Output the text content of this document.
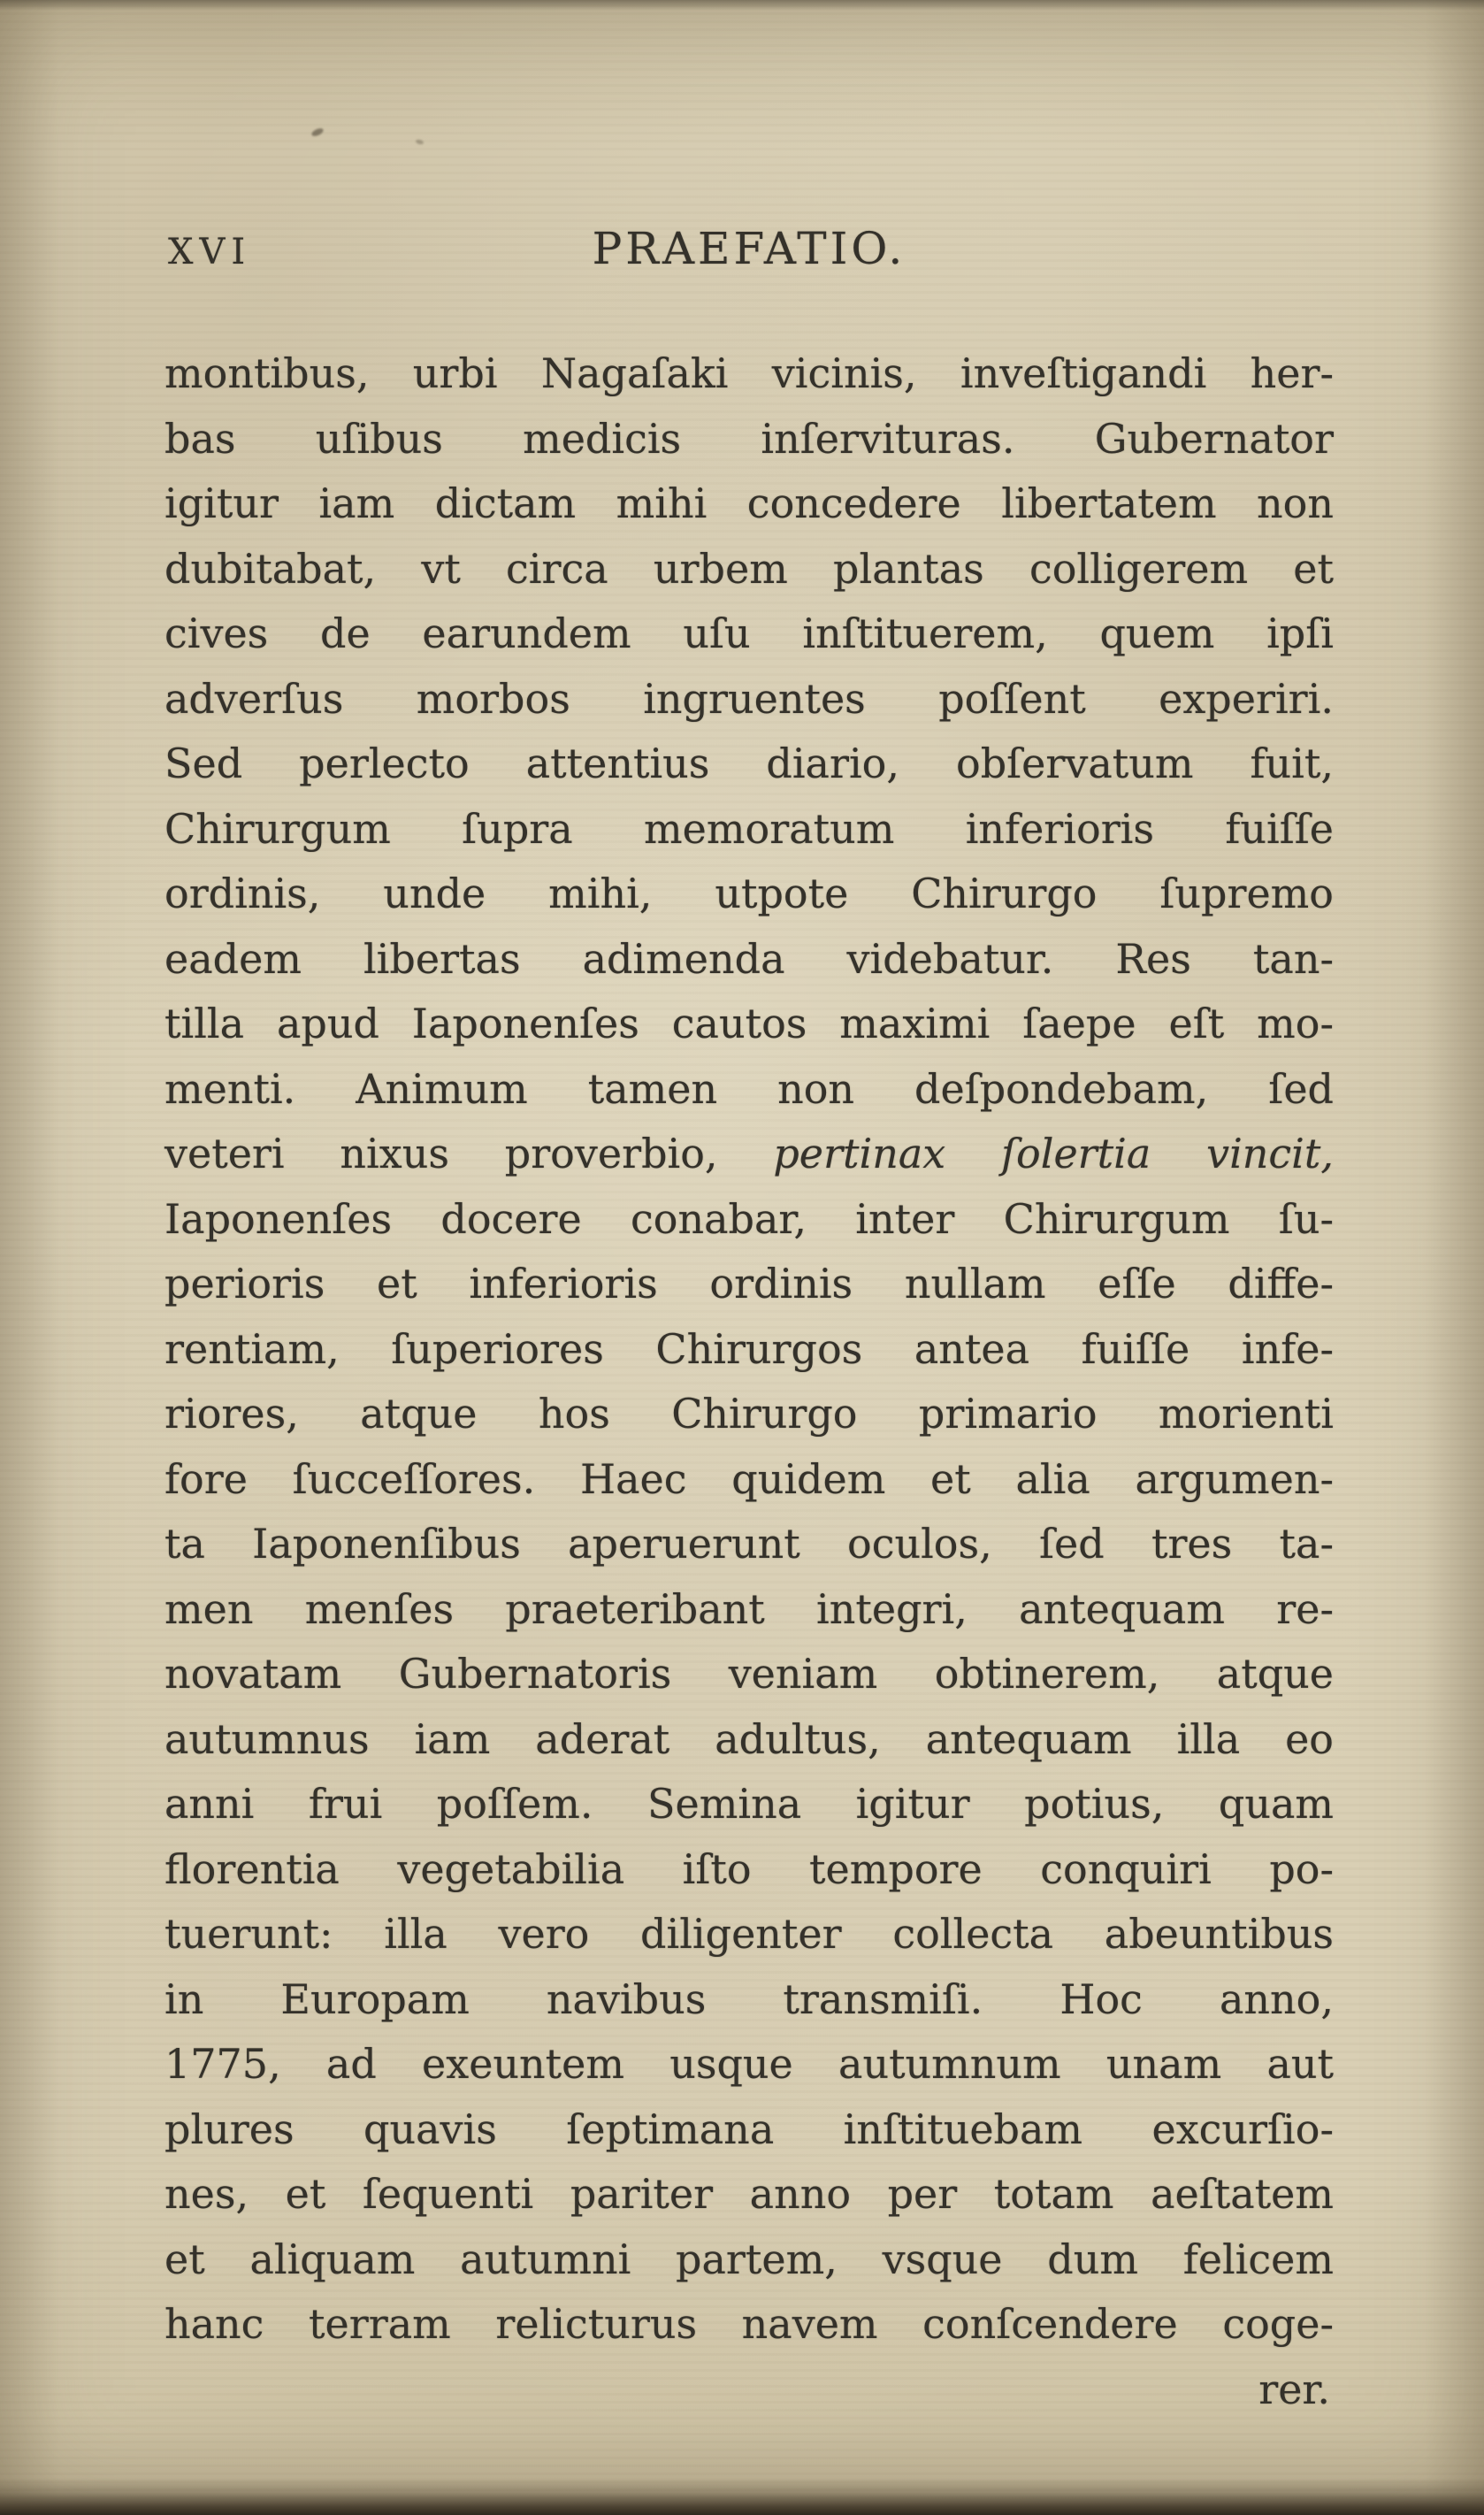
XVI	PRAEFATIO.
montibus, urbi Nagaſaki vicinis, inveſtigandi her-
bas uſibus medicis inſervituras. Gubernator
igitur iam dictam mihi concedere libertatem non
dubitabat, vt circa urbem plantas colligerem et
cives de earundem uſu inſtituerem, quem ipſi
adverſus morbos ingruentes poſſent experiri.
Sed perlecto attentius diario, obſervatum fuit,
Chirurgum ſupra memoratum inferioris fuiſſe
ordinis, unde mihi, utpote Chirurgo ſupremo
eadem libertas adimenda videbatur. Res tan-
tilla apud Iaponenſes cautos maximi ſaepe eſt mo-
menti. Animum tamen non deſpondebam, ſed
veteri nixus proverbio, pertinax ſolertia vincit,
Iaponenſes docere conabar, inter Chirurgum ſu-
perioris et inferioris ordinis nullam eſſe diffe-
rentiam, ſuperiores Chirurgos antea fuiſſe infe-
riores, atque hos Chirurgo primario morienti
fore ſucceſſores. Haec quidem et alia argumen-
ta Iaponenſibus aperuerunt oculos, ſed tres ta-
men menſes praeteribant integri, antequam re-
novatam Gubernatoris veniam obtinerem, atque
autumnus iam aderat adultus, antequam illa eo
anni frui poſſem. Semina igitur potius, quam
florentia vegetabilia iſto tempore conquiri po-
tuerunt: illa vero diligenter collecta abeuntibus
in Europam navibus transmiſi. Hoc anno,
1775, ad exeuntem usque autumnum unam aut
plures quavis ſeptimana inſtituebam excurſio-
nes, et ſequenti pariter anno per totam aeſtatem
et aliquam autumni partem, vsque dum felicem
hanc terram relicturus navem conſcendere coge-
rer.
